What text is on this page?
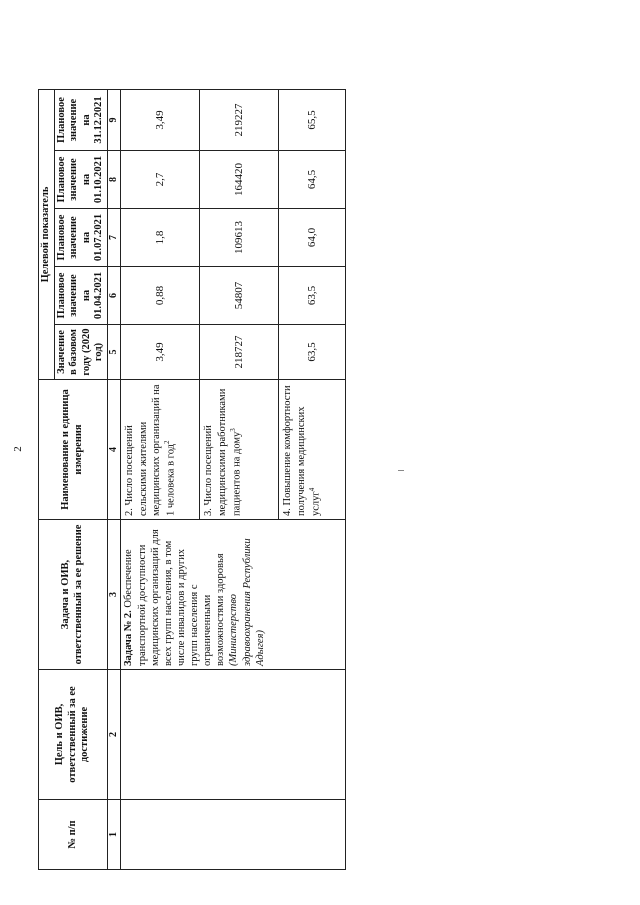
2
№ п/п	Цель и ОИВ, ответственный за ее достижение	Задача и ОИВ, ответственный за ее решение	Наименование и единица измерения	Целевой показатель				
				Значение в базовом году (2020 год)	Плановое значение на 01.04.2021	Плановое значение на 01.07.2021	Плановое значение на 01.10.2021	Плановое значение на 31.12.2021
1	2	3	4	5	6	7	8	9
		Задача № 2. Обеспечение транспортной доступности медицинских организаций для всех групп населения, в том числе инвалидов и других групп населения с ограниченными возможностями здоровья (Министерство здравоохранения Республики Адыгея)	2. Число посещений сельскими жителями медицинских организаций на 1 человека в год$^2$	3,49	0,88	1,8	2,7	3,49
			3. Число посещений медицинскими работниками пациентов на дому$^3$	218727	54807	109613	164420	219227
			4. Повышение комфортности получения медицинских услуг$^4$	63,5	63,5	64,0	64,5	65,5
